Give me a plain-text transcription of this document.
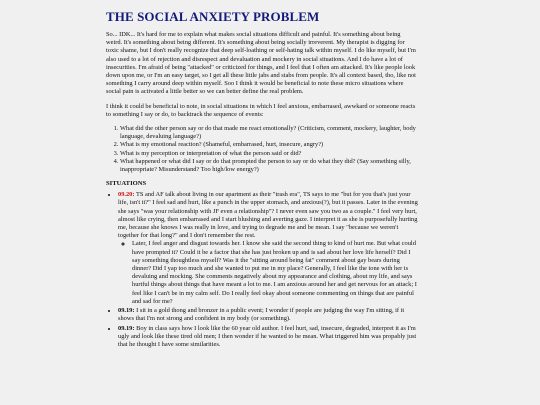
THE SOCIAL ANXIETY PROBLEM

So... IDK... It's hard for me to explain what makes social situations difficult and painful. It's something about being weird. It's something about being different. It's something about being socially irreverent. My therapist is digging for toxic shame, but I don't really recognize that deep self-loathing or self-hating talk within myself. I do like myself, but I'm also used to a lot of rejection and disrespect and devaluation and mockery in social situations. And I do have a lot of insecurities. I'm afraid of being "attacked" or criticized for things, and I feel that I often am attacked. It's like people look down upon me, or I'm an easy target, so I get all these little jabs and stabs from people. It's all context based, tho, like not something I carry around deep within myself. Soo I think it would be beneficial to note these micro situations where social pain is activated a little better so we can better define the real problem.

I think it could be beneficial to note, in social situations in which I feel anxious, embarrased, awwkard or someone reacts to something I say or do, to backtrack the sequence of events:

1. What did the other person say or do that made me react emotionally? (Criticism, comment, mockery, laughter, body language, devaluing language?)
2. What is my emotional reaction? (Shameful, embarrased, hurt, insecure, angry?)
3. What is my perception or interpretation of what the person said or did?
4. What happened or what did I say or do that prompted the person to say or do what they did? (Say something silly, inappropriate? Misunderstand? Too high/low energy?)
SITUATIONS
• 09.20: TS and AF talk about living in our apartment as their "trash era", TS says to me "but for you that's just your life, isn't it?" I feel sad and hurt, like a punch in the upper stomach, and anxious(?), but it passes. Later in the evening she says "was your relationship with JF even a relationship"? I never even saw you two as a couple." I feel very hurt, almost like crying, then embarrased and I start blushing and averting gaze. I interpret it as she is purposefully hurting me, because she knows I was really in love, and trying to degrade me and be mean. I say "because we weren't together for that long?" and I don't remember the rest.
◦ Later, I feel anger and disgust towards her. I know she said the second thing to kind of hurt me. But what could have prompted it? Could it be a factor that she has just broken up and is sad about her love life herself? Did I say something thoughtless myself? Was it the "sitting around being fat" comment about gay bears during dinner? Did I yap too much and she wanted to put me in my place? Generally, I feel like the tone with her is devaluing and mocking. She comments negatively about my appearance and clothing, about my life, and says hurtful things about things that have meant a lot to me. I am anxious around her and get nervous for an attack; I feel like I can't be in my calm self. Do I really feel okay about someone commenting on things that are painful and sad for me?
• 09.19: I sit in a gold thong and bronzer in a public event; I wonder if people are judging the way I'm sitting, if it shows that I'm not strong and confident in my body (or something).
• 09.19: Boy in class says how I look like the 60 year old author. I feel hurt, sad, insecure, degraded, interpret it as I'm ugly and look like these tired old men; I then wonder if he wanted to be mean. What triggered him was propably just that he thought I have some similarities.
